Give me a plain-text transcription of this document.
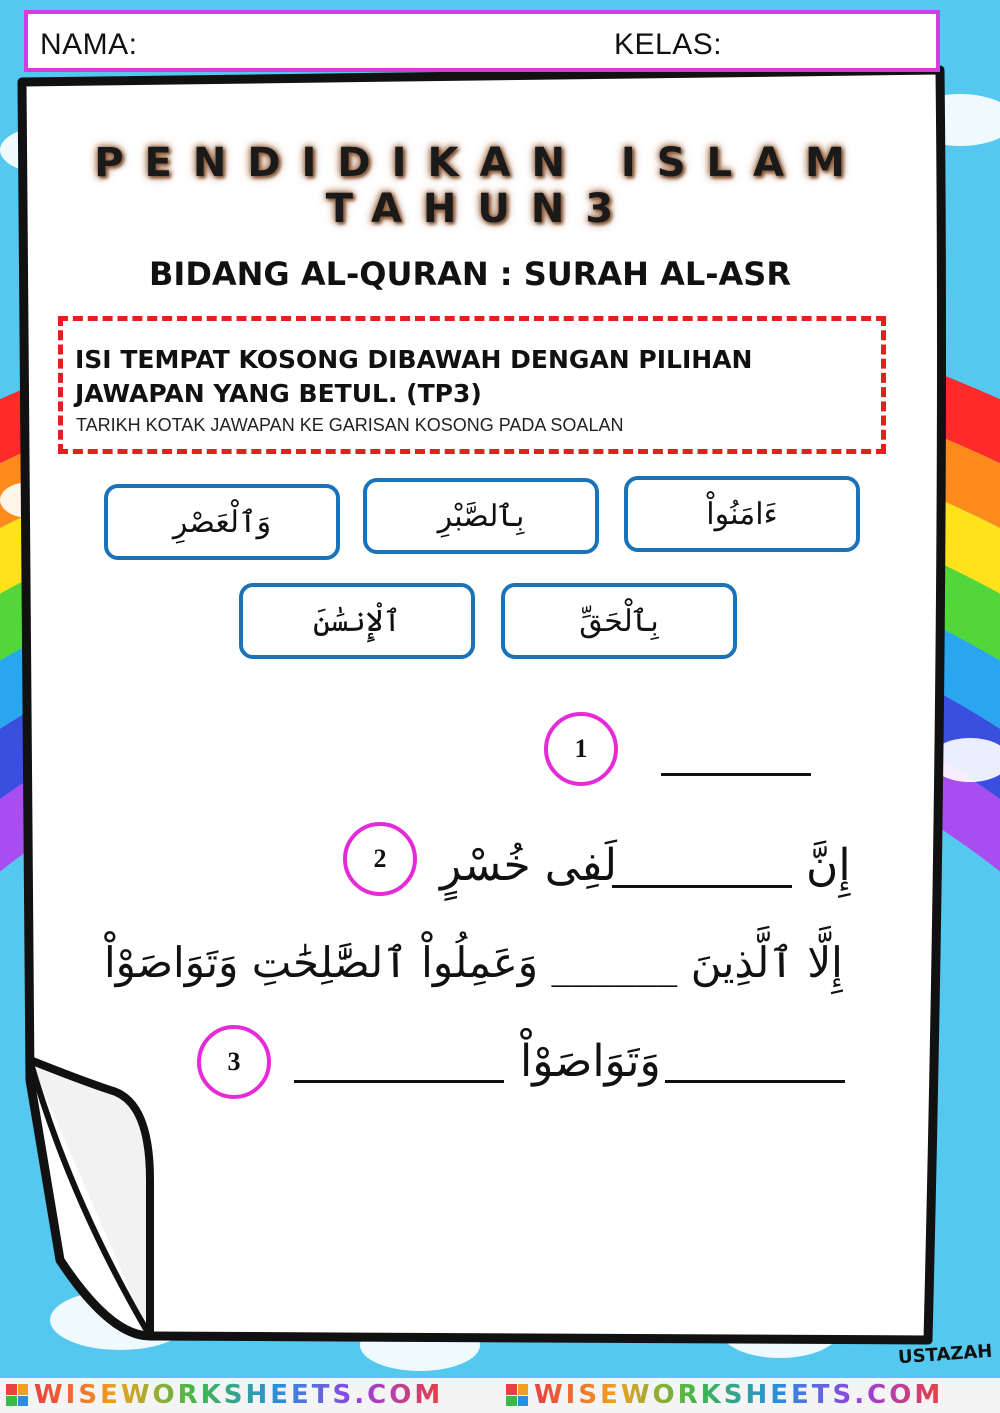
NAMA:	KELAS:
PENDIDIKAN ISLAM TAHUN3
BIDANG AL-QURAN : SURAH AL-ASR
ISI TEMPAT KOSONG DIBAWAH DENGAN PILIHAN JAWAPAN YANG BETUL. (TP3)
TARIKH KOTAK JAWAPAN KE GARISAN KOSONG PADA SOALAN
وَٱلْعَصْرِ	بِٱلصَّبْرِ	ءَامَنُواْ
ٱلْإِنسَٰنَ	بِٱلْحَقِّ
1
إِنَّ
لَفِى خُسْرٍ
2
إِلَّا ٱلَّذِينَ ______ وَعَمِلُواْ ٱلصَّٰلِحَٰتِ وَتَوَاصَوْاْ
وَتَوَاصَوْاْ
3
USTAZAH
WISEWORKSHEETS.COM	WISEWORKSHEETS.COM
